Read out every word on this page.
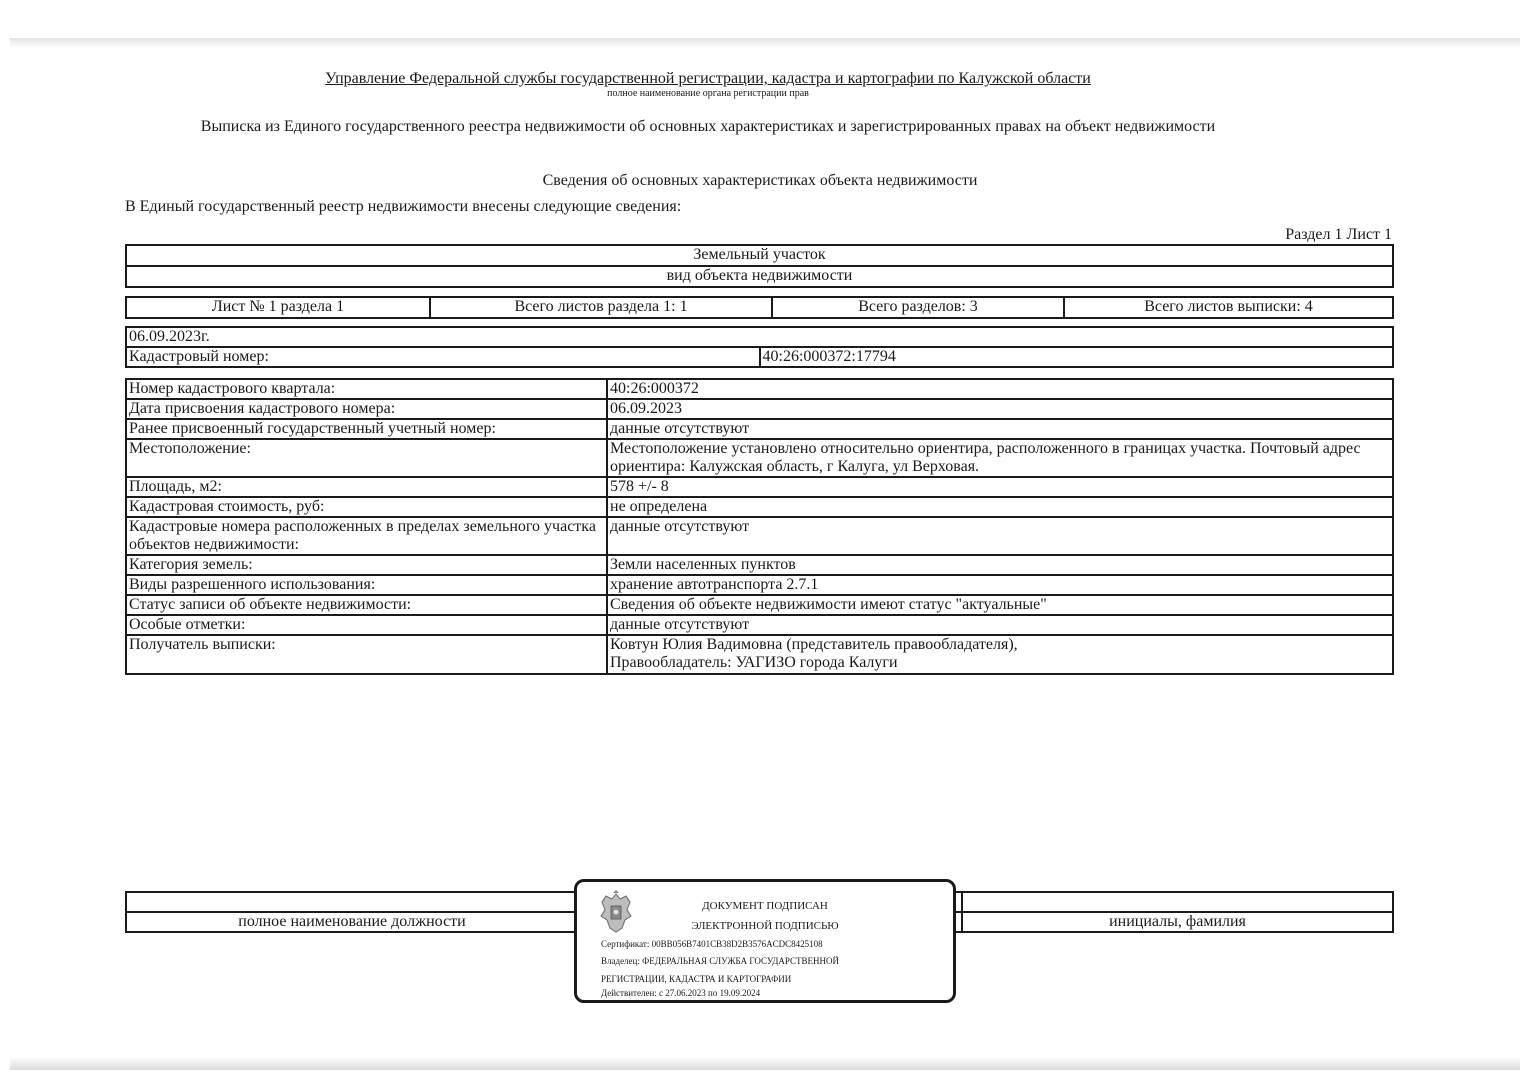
Управление Федеральной службы государственной регистрации, кадастра и картографии по Калужской области
полное наименование органа регистрации прав
Выписка из Единого государственного реестра недвижимости об основных характеристиках и зарегистрированных правах на объект недвижимости
Сведения об основных характеристиках объекта недвижимости
В Единый государственный реестр недвижимости внесены следующие сведения:
Раздел 1 Лист 1
Земельный участок
вид объекта недвижимости
Лист № 1 раздела 1	Всего листов раздела 1: 1	Всего разделов: 3	Всего листов выписки: 4
06.09.2023г.
Кадастровый номер:	40:26:000372:17794
Номер кадастрового квартала:	40:26:000372
Дата присвоения кадастрового номера:	06.09.2023
Ранее присвоенный государственный учетный номер:	данные отсутствуют
Местоположение:	Местоположение установлено относительно ориентира, расположенного в границах участка. Почтовый адрес ориентира: Калужская область, г Калуга, ул Верховая.
Площадь, м2:	578 +/- 8
Кадастровая стоимость, руб:	не определена
Кадастровые номера расположенных в пределах земельного участка объектов недвижимости:	данные отсутствуют
Категория земель:	Земли населенных пунктов
Виды разрешенного использования:	хранение автотранспорта 2.7.1
Статус записи об объекте недвижимости:	Сведения об объекте недвижимости имеют статус "актуальные"
Особые отметки:	данные отсутствуют
Получатель выписки:	Ковтун Юлия Вадимовна (представитель правообладателя),
Правообладатель: УАГИЗО города Калуги

полное наименование должности		инициалы, фамилия
ДОКУМЕНТ ПОДПИСАН
ЭЛЕКТРОННОЙ ПОДПИСЬЮ
Сертификат: 00BB056B7401CB38D2B3576ACDC8425108
Владелец: ФЕДЕРАЛЬНАЯ СЛУЖБА ГОСУДАРСТВЕННОЙ
РЕГИСТРАЦИИ, КАДАСТРА И КАРТОГРАФИИ
Действителен: с 27.06.2023 по 19.09.2024
